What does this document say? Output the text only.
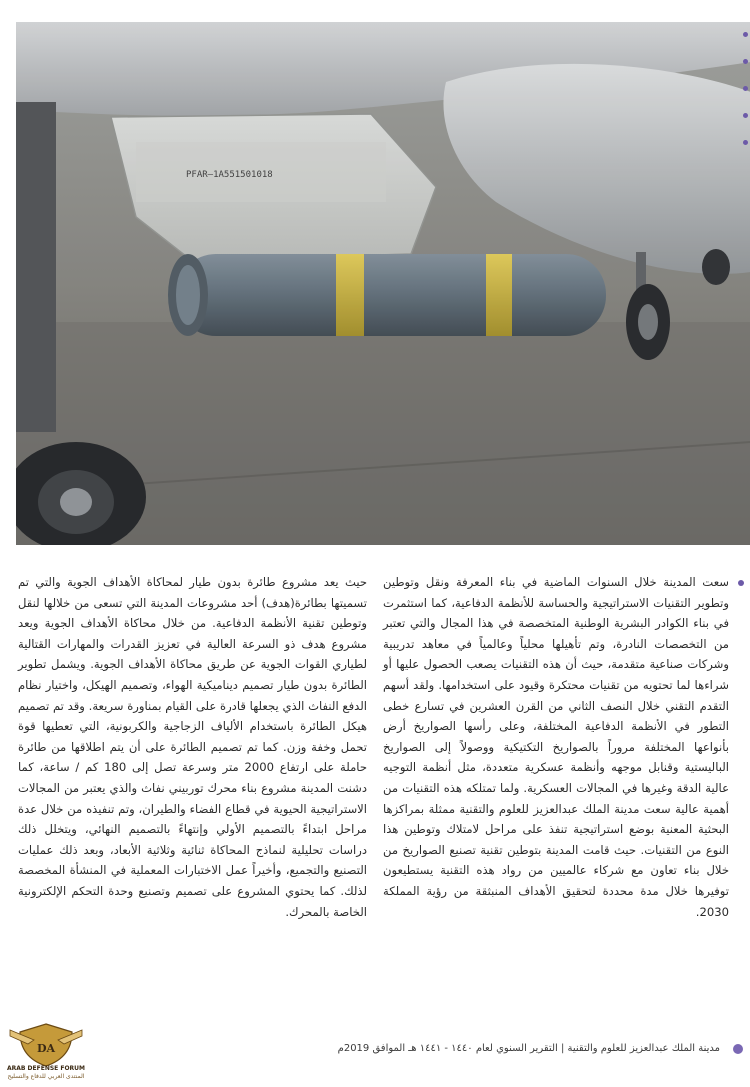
PFAR—1A551501018

سعت المدينة خلال السنوات الماضية في بناء المعرفة ونقل وتوطين وتطوير التقنيات الاستراتيجية والحساسة للأنظمة الدفاعية، كما استثمرت في بناء الكوادر البشرية الوطنية المتخصصة في هذا المجال والتي تعتبر من التخصصات النادرة، وتم تأهيلها محلياً وعالمياً في معاهد تدريبية وشركات صناعية متقدمة، حيث أن هذه التقنيات يصعب الحصول عليها أو شراءها لما تحتويه من تقنيات محتكرة وقيود على استخدامها. ولقد أسهم التقدم التقني خلال النصف الثاني من القرن العشرين في تسارع خطى التطور في الأنظمة الدفاعية المختلفة، وعلى رأسها الصواريخ أرض بأنواعها المختلفة مروراً بالصواريخ التكتيكية ووصولاً إلى الصواريخ الباليستية وقنابل موجهه وأنظمة عسكرية متعددة، مثل أنظمة التوجيه عالية الدقة وغيرها في المجالات العسكرية. ولما تمتلكه هذه التقنيات من أهمية عالية سعت مدينة الملك عبدالعزيز للعلوم والتقنية ممثلة بمراكزها البحثية المعنية بوضع استراتيجية تنفذ على مراحل لامتلاك وتوطين هذا النوع من التقنيات. حيث قامت المدينة بتوطين تقنية تصنيع الصواريخ من خلال بناء تعاون مع شركاء عالميين من رواد هذه التقنية يستطيعون توفيرها خلال مدة محددة لتحقيق الأهداف المنبثقة من رؤية المملكة 2030.

حيث يعد مشروع طائرة بدون طيار لمحاكاة الأهداف الجوية والتي تم تسميتها بطائرة(هدف) أحد مشروعات المدينة التي تسعى من خلالها لنقل وتوطين تقنية الأنظمة الدفاعية. من خلال محاكاة الأهداف الجوية ويعد مشروع هدف ذو السرعة العالية في تعزيز القدرات والمهارات القتالية لطياري القوات الجوية عن طريق محاكاة الأهداف الجوية. ويشمل تطوير الطائرة بدون طيار تصميم ديناميكية الهواء، وتصميم الهيكل، واختيار نظام الدفع النفاث الذي يجعلها قادرة على القيام بمناورة سريعة. وقد تم تصميم هيكل الطائرة باستخدام الألياف الزجاجية والكربونية، التي تعطيها قوة تحمل وخفة وزن. كما تم تصميم الطائرة على أن يتم اطلاقها من طائرة حاملة على ارتفاع 2000 متر وسرعة تصل إلى 180 كم / ساعة، كما دشنت المدينة مشروع بناء محرك توربيني نفاث والذي يعتبر من المجالات الاستراتيجية الحيوية في قطاع الفضاء والطيران، وتم تنفيذه من خلال عدة مراحل ابتداءً بالتصميم الأولي وإنتهاءً بالتصميم النهائي، ويتخلل ذلك دراسات تحليلية لنماذج المحاكاة ثنائية وثلاثية الأبعاد، وبعد ذلك عمليات التصنيع والتجميع، وأخيراً عمل الاختبارات المعملية في المنشأة المخصصة لذلك. كما يحتوي المشروع على تصميم وتصنيع وحدة التحكم الإلكترونية الخاصة بالمحرك.

مدينة الملك عبدالعزيز للعلوم والتقنية | التقرير السنوي لعام ١٤٤٠ - ١٤٤١ هـ الموافق 2019م
DA
ARAB DEFENSE FORUM
المنتدى العربي للدفاع والتسليح
